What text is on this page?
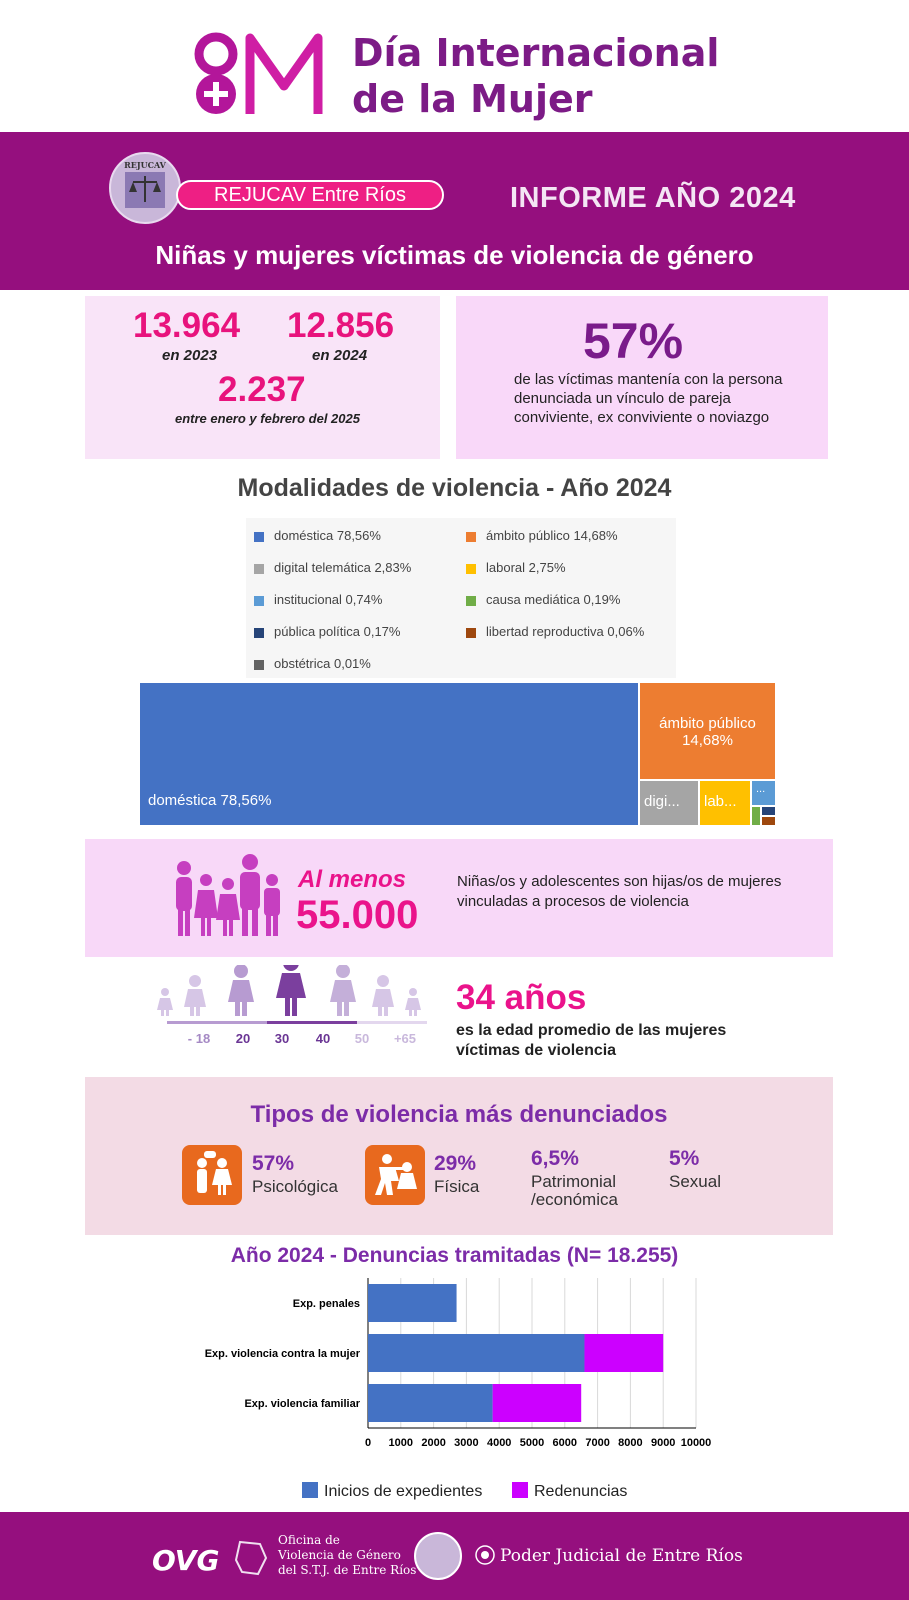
8M
Día Internacional
de la Mujer
REJUCAV
REJUCAV Entre Ríos	INFORME AÑO 2024
Niñas y mujeres víctimas de violencia de género
13.964
en 2023
12.856
en 2024
2.237
entre enero y febrero del 2025
57%
de las víctimas mantenía con la persona denunciada un vínculo de pareja conviviente, ex conviviente o noviazgo
Modalidades de violencia - Año 2024
doméstica 78,56%	ámbito público 14,68%
digital telemática 2,83%	laboral 2,75%
institucional 0,74%	causa mediática 0,19%
pública política 0,17%	libertad reproductiva 0,06%
obstétrica 0,01%
doméstica 78,56%
ámbito público
14,68%
digi... lab...
...
Al menos
55.000
Niñas/os y adolescentes son hijas/os de mujeres vinculadas a procesos de violencia
- 18 20 30 40 50 +65
34 años
es la edad promedio de las mujeres víctimas de violencia
Tipos de violencia más denunciados
57%
Psicológica
29%
Física
6,5%
Patrimonial /económica
5%
Sexual
Año 2024 - Denuncias tramitadas (N= 18.255)
0 1000 2000 3000 4000 5000 6000 7000 8000 9000 10000
Exp. penales
Exp. violencia contra la mujer
Exp. violencia familiar
Inicios de expedientes	Redenuncias
OVG
Oficina de
Violencia de Género
del S.T.J. de Entre Ríos
Poder Judicial de Entre Ríos
